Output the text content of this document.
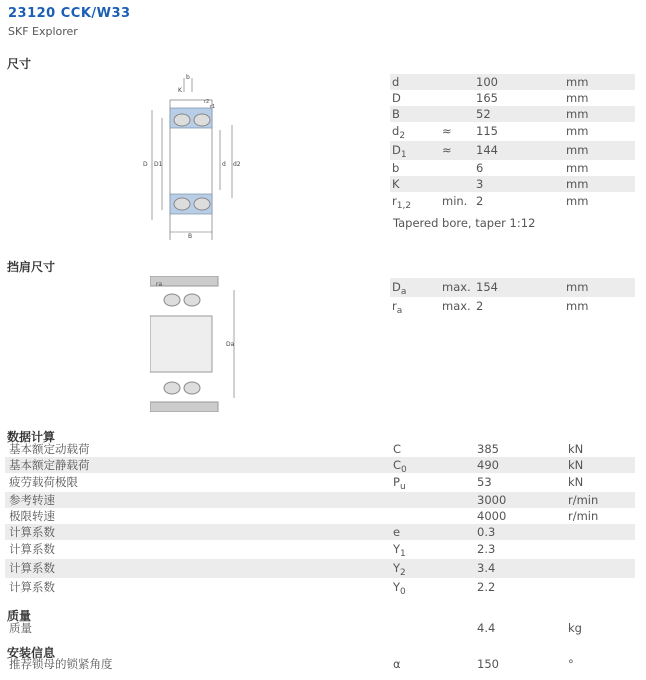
23120 CCK/W33
SKF Explorer
尺寸
b
K
r2
r1
D D1	d d2
B
d	100	mm
D	165	mm
B	52	mm
$d_2$	≈ 115	mm
$D_1$	≈ 144	mm
b	6	mm
K	3	mm
$r_{1,2}$	min. 2	mm
Tapered bore, taper 1:12
挡肩尺寸
ra
Da
$D_a$	max. 154	mm
$r_a$	max. 2	mm
数据计算
基本额定动载荷	C	385	kN
基本额定静载荷	$C_0$	490	kN
疲劳载荷极限	$P_u$	53	kN
参考转速	3000	r/min
极限转速	4000	r/min
计算系数	e	0.3
计算系数	$Y_1$	2.3
计算系数	$Y_2$	3.4
计算系数	$Y_0$	2.2
质量
质量	4.4	kg
安装信息
推荐锁母的锁紧角度	α	150	°
